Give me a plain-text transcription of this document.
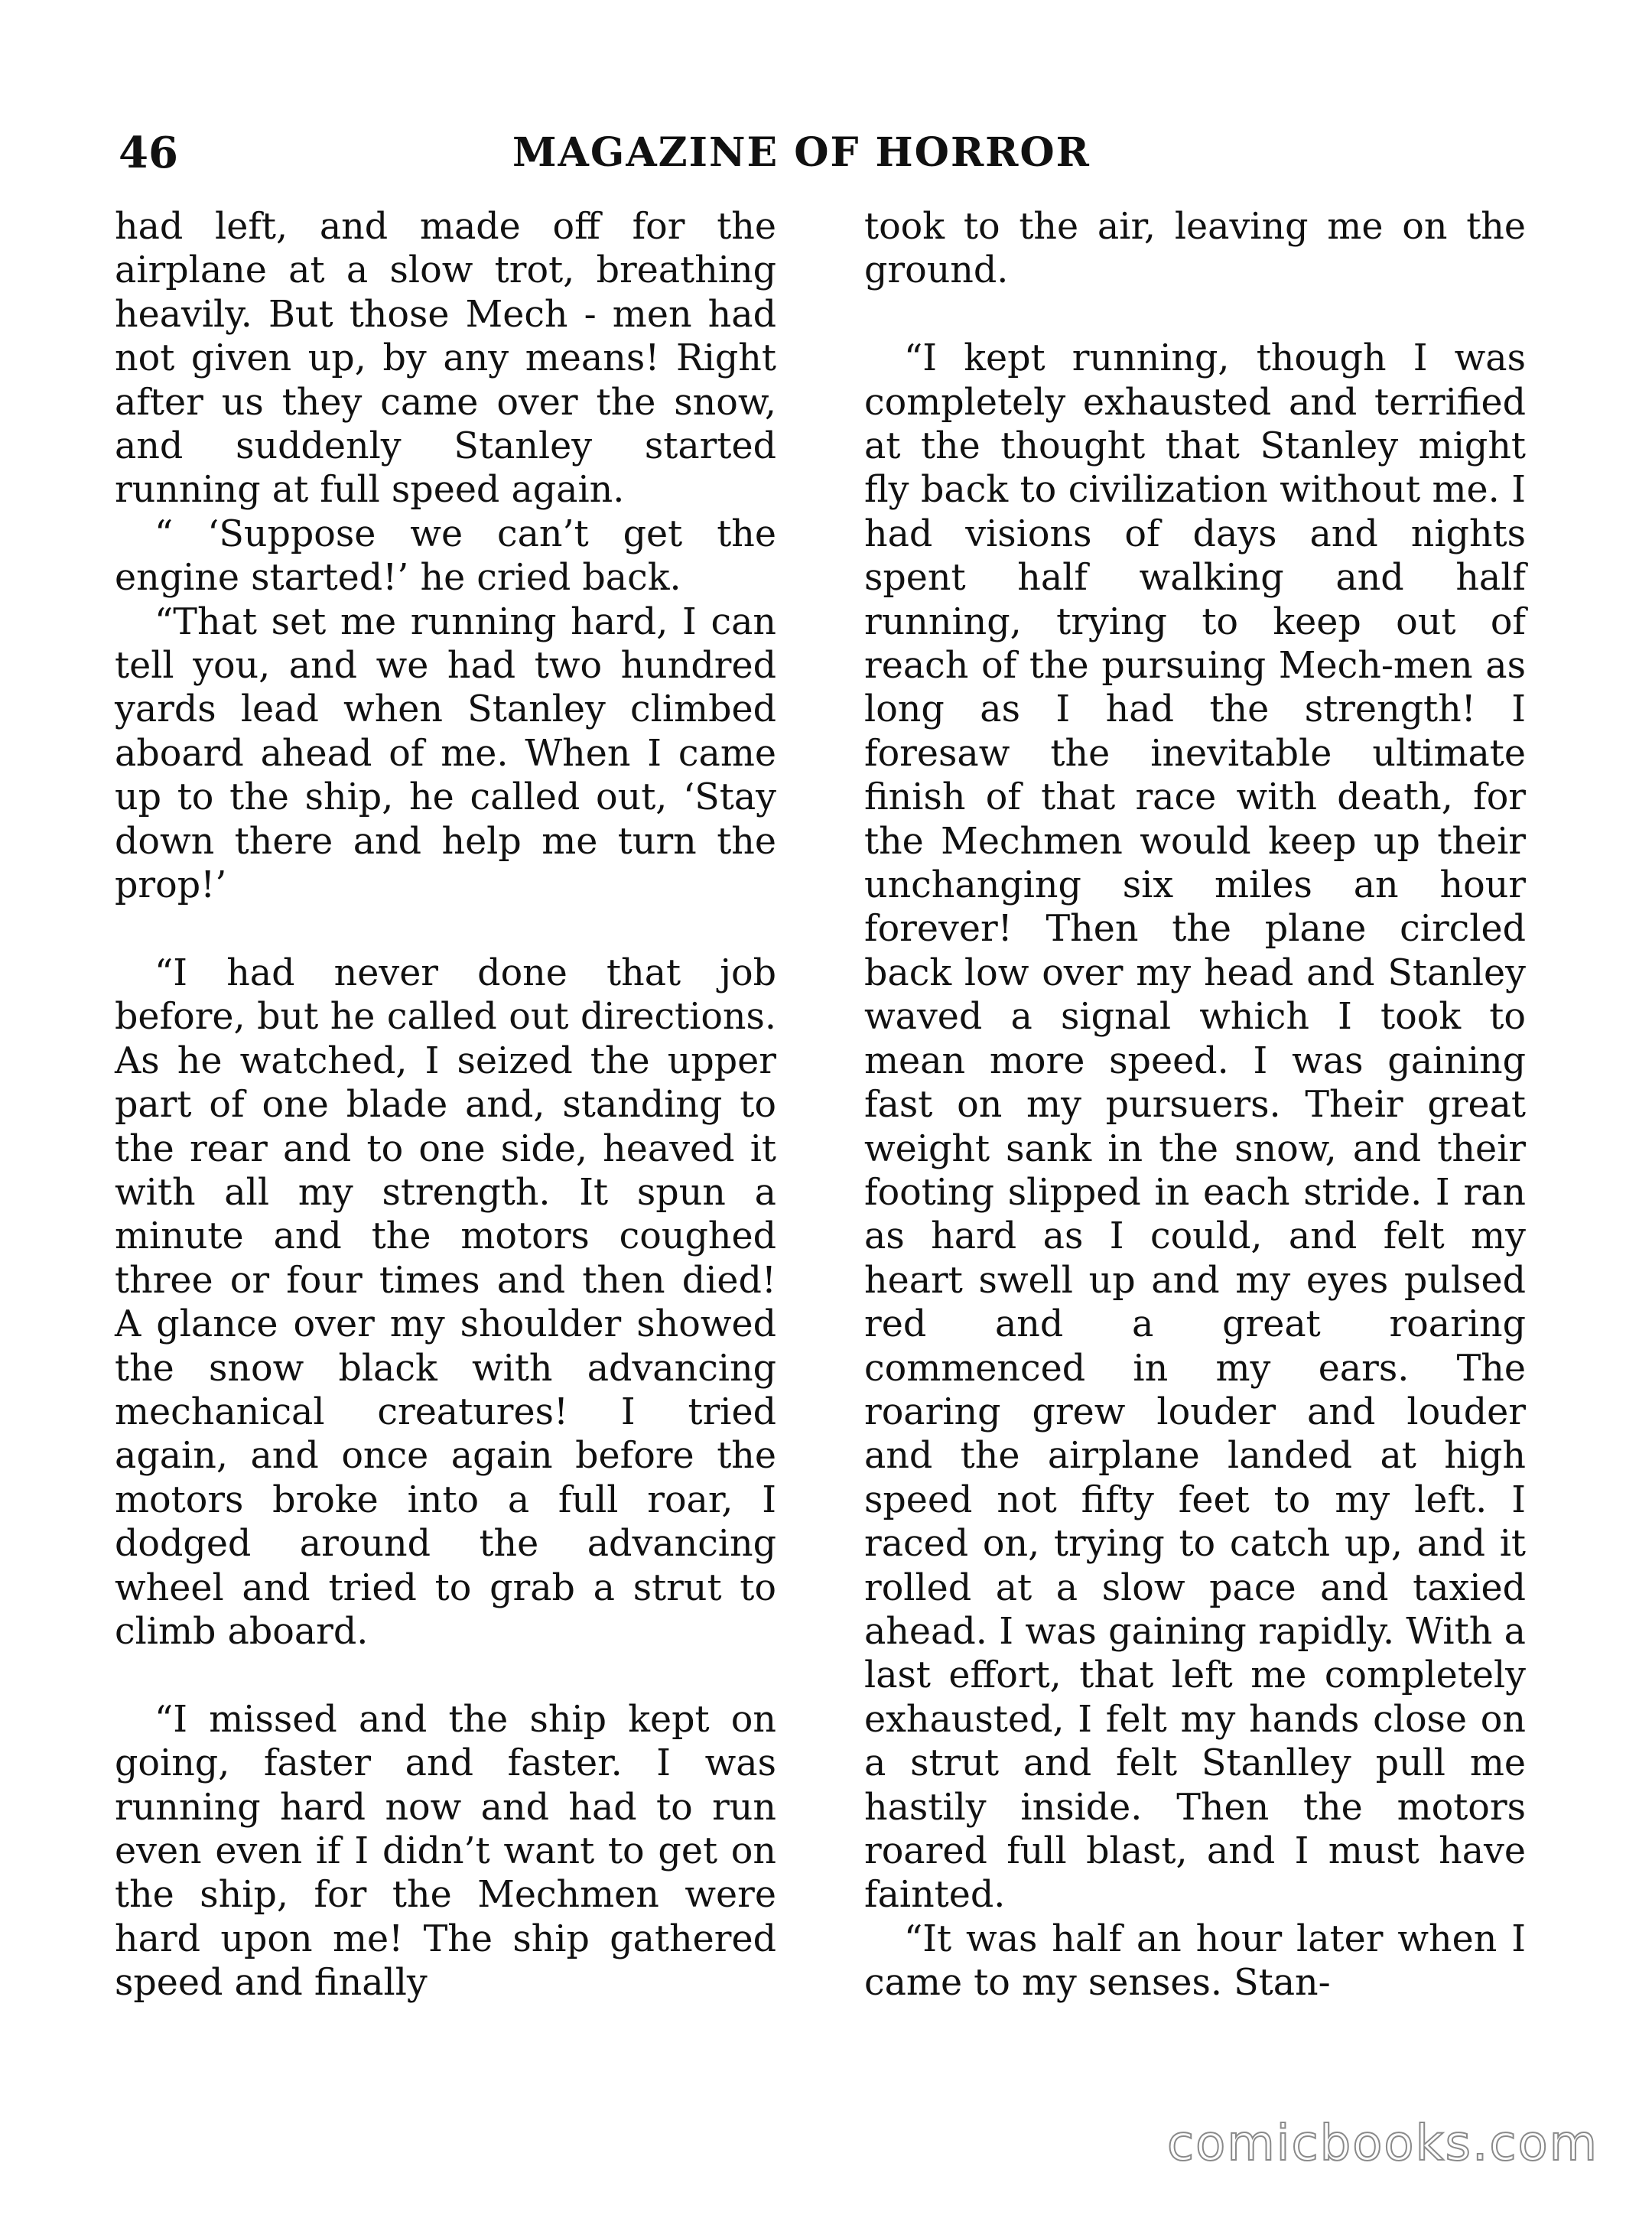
46	MAGAZINE OF HORROR

had left, and made off for the airplane at a slow trot, breathing heavily. But those Mech - men had not given up, by any means! Right after us they came over the snow, and suddenly Stanley started running at full speed again.

“ ‘Suppose we can’t get the engine started!’ he cried back.

“That set me running hard, I can tell you, and we had two hundred yards lead when Stanley climbed aboard ahead of me. When I came up to the ship, he called out, ‘Stay down there and help me turn the prop!’

“I had never done that job before, but he called out directions. As he watched, I seized the upper part of one blade and, standing to the rear and to one side, heaved it with all my strength. It spun a minute and the motors coughed three or four times and then died! A glance over my shoulder showed the snow black with advancing mechanical creatures! I tried again, and once again before the motors broke into a full roar, I dodged around the advancing wheel and tried to grab a strut to climb aboard.

“I missed and the ship kept on going, faster and faster. I was running hard now and had to run even even if I didn’t want to get on the ship, for the Mechmen were hard upon me! The ship gathered speed and finally

took to the air, leaving me on the ground.

“I kept running, though I was completely exhausted and terrified at the thought that Stanley might fly back to civilization without me. I had visions of days and nights spent half walking and half running, trying to keep out of reach of the pursuing Mech-men as long as I had the strength! I foresaw the inevitable ultimate finish of that race with death, for the Mechmen would keep up their unchanging six miles an hour forever! Then the plane circled back low over my head and Stanley waved a signal which I took to mean more speed. I was gaining fast on my pursuers. Their great weight sank in the snow, and their footing slipped in each stride. I ran as hard as I could, and felt my heart swell up and my eyes pulsed red and a great roaring commenced in my ears. The roaring grew louder and louder and the airplane landed at high speed not fifty feet to my left. I raced on, trying to catch up, and it rolled at a slow pace and taxied ahead. I was gaining rapidly. With a last effort, that left me completely exhausted, I felt my hands close on a strut and felt Stanlley pull me hastily inside. Then the motors roared full blast, and I must have fainted.

“It was half an hour later when I came to my senses. Stan-

comicbooks.com
